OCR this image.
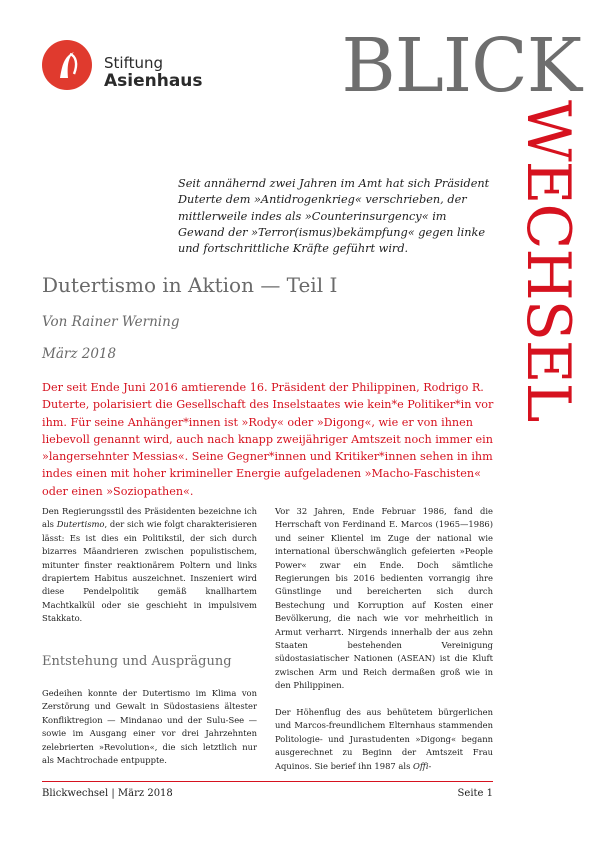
Stiftung
Asienhaus BLICK
WECHSEL
Seit annähernd zwei Jahren im Amt hat sich Präsident Duterte dem »Antidrogenkrieg« verschrieben, der mittlerweile indes als »Counterinsurgency« im Gewand der »Terror(ismus)bekämpfung« gegen linke und fortschrittliche Kräfte geführt wird.
Dutertismo in Aktion — Teil I
Von Rainer Werning
März 2018
Der seit Ende Juni 2016 amtierende 16. Präsident der Philippinen, Rodrigo R. Duterte, polarisiert die Gesellschaft des Inselstaates wie kein*e Politiker*in vor ihm. Für seine Anhänger*innen ist »Rody« oder »Digong«, wie er von ihnen liebevoll genannt wird, auch nach knapp zweijähriger Amtszeit noch immer ein »langersehnter Messias«. Seine Gegner*innen und Kritiker*innen sehen in ihm indes einen mit hoher krimineller Energie aufgeladenen »Macho-Faschisten« oder einen »Soziopathen«.

Den Regierungsstil des Präsidenten bezeichne ich als Dutertismo, der sich wie folgt charakterisieren lässt: Es ist dies ein Politikstil, der sich durch bizarres Mäandrieren zwischen populistischem, mitunter finster reaktionärem Poltern und links drapiertem Habitus auszeichnet. Inszeniert wird diese Pendelpolitik gemäß knallhartem Machtkalkül oder sie geschieht in impulsivem Stakkato.

Entstehung und Ausprägung

Gedeihen konnte der Dutertismo im Klima von Zerstörung und Gewalt in Südostasiens ältester Konfliktregion — Mindanao und der Sulu-See — sowie im Ausgang einer vor drei Jahrzehnten zelebrierten »Revolution«, die sich letztlich nur als Machtrochade entpuppte.

Vor 32 Jahren, Ende Februar 1986, fand die Herrschaft von Ferdinand E. Marcos (1965—1986) und seiner Klientel im Zuge der national wie international überschwänglich gefeierten »People Power« zwar ein Ende. Doch sämtliche Regierungen bis 2016 bedienten vorrangig ihre Günstlinge und bereicherten sich durch Bestechung und Korruption auf Kosten einer Bevölkerung, die nach wie vor mehrheitlich in Armut verharrt. Nirgends innerhalb der aus zehn Staaten bestehenden Vereinigung südostasiatischer Nationen (ASEAN) ist die Kluft zwischen Arm und Reich dermaßen groß wie in den Philippinen.

Der Höhenflug des aus behütetem bürgerlichen und Marcos-freundlichem Elternhaus stammenden Politologie- und Jurastudenten »Digong« begann ausgerechnet zu Beginn der Amtszeit Frau Aquinos. Sie berief ihn 1987 als Offi-

Blickwechsel | März 2018	Seite 1
